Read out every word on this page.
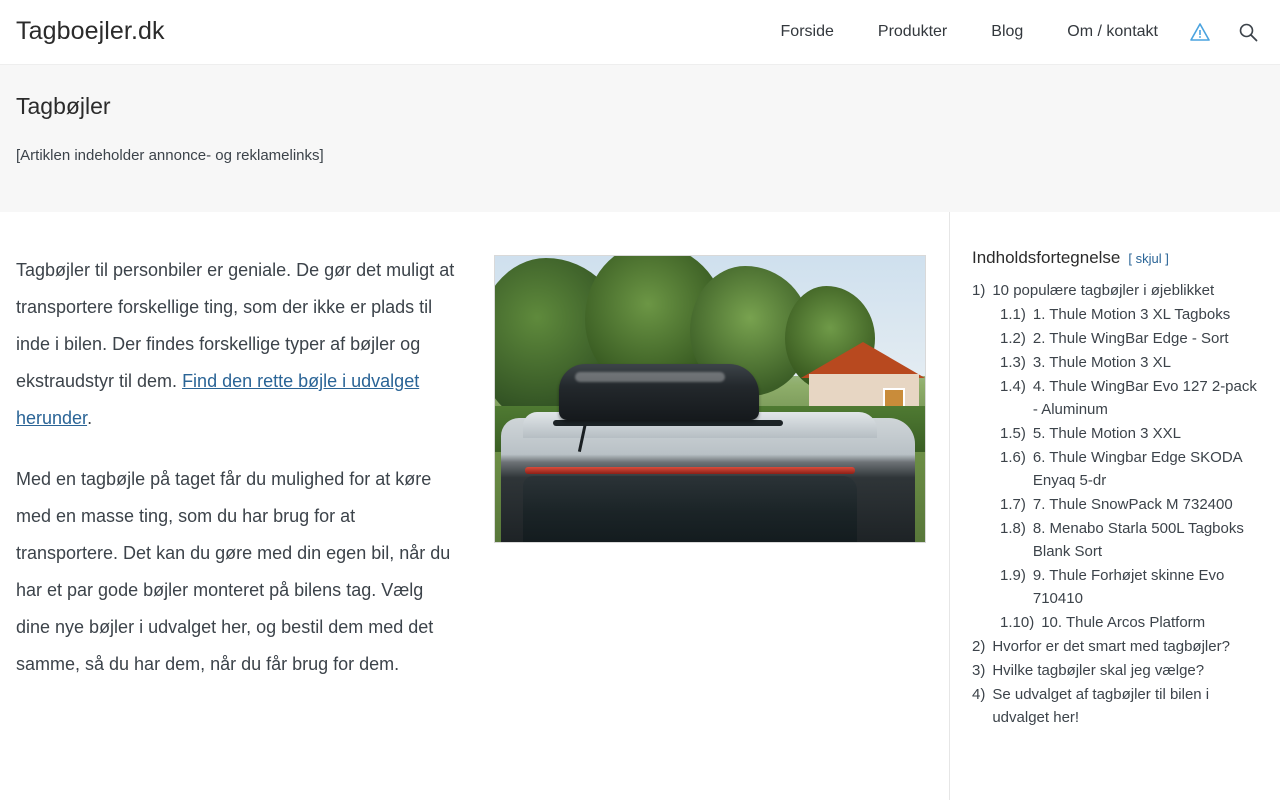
Tagboejler.dk	Forside	Produkter	Blog	Om / kontakt
Tagbøjler

[Artiklen indeholder annonce- og reklamelinks]

Tagbøjler til personbiler er geniale. De gør det muligt at transportere forskellige ting, som der ikke er plads til inde i bilen. Der findes forskellige typer af bøjler og ekstraudstyr til dem. Find den rette bøjle i udvalget herunder.

Med en tagbøjle på taget får du mulighed for at køre med en masse ting, som du har brug for at transportere. Det kan du gøre med din egen bil, når du har et par gode bøjler monteret på bilens tag. Vælg dine nye bøjler i udvalget her, og bestil dem med det samme, så du har dem, når du får brug for dem.

Indholdsfortegnelse [ skjul ]
1) 10 populære tagbøjler i øjeblikket
1.1) 1. Thule Motion 3 XL Tagboks
1.2) 2. Thule WingBar Edge - Sort
1.3) 3. Thule Motion 3 XL
1.4) 4. Thule WingBar Evo 127 2-pack - Aluminum
1.5) 5. Thule Motion 3 XXL
1.6) 6. Thule Wingbar Edge SKODA Enyaq 5-dr
1.7) 7. Thule SnowPack M 732400
1.8) 8. Menabo Starla 500L Tagboks Blank Sort
1.9) 9. Thule Forhøjet skinne Evo 710410
1.10) 10. Thule Arcos Platform
2) Hvorfor er det smart med tagbøjler?
3) Hvilke tagbøjler skal jeg vælge?
4) Se udvalget af tagbøjler til bilen i udvalget her!
